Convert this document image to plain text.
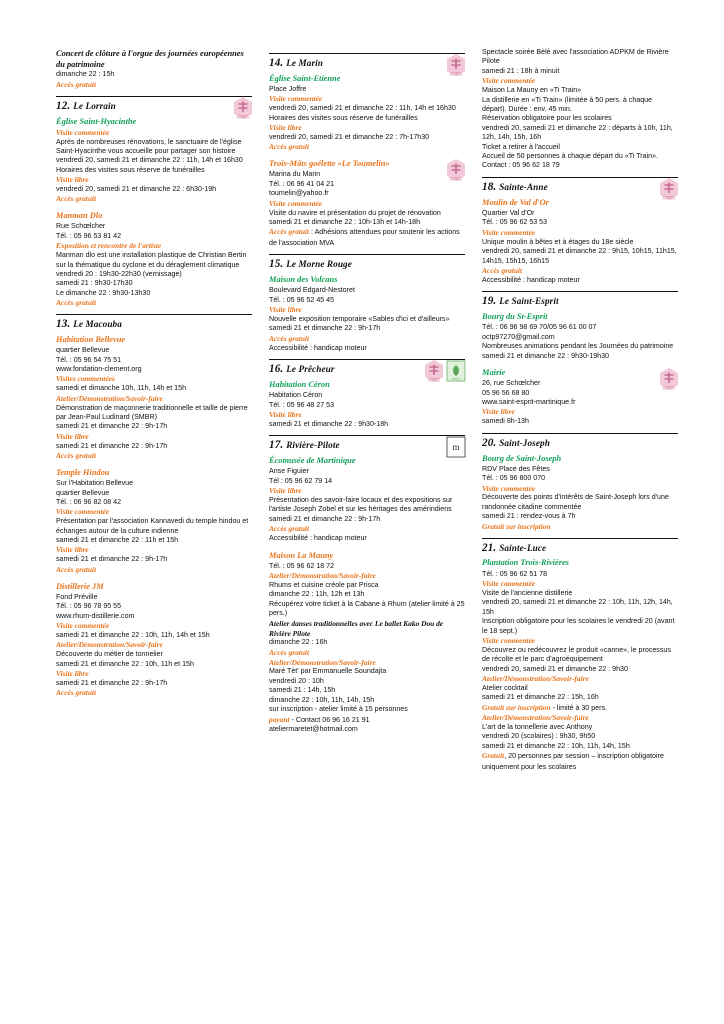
Concert de clôture à l'orgue des journées européennes du patrimoine

dimanche 22 : 15h

Accès gratuit

MONUMENT
HISTORIQUE
12. Le Lorrain

Église Saint-Hyacinthe

Visite commentée

Après de nombreuses rénovations, le sanctuaire de l'église Saint-Hyacinthe vous accueille pour partager son histoire

vendredi 20, samedi 21 et dimanche 22 : 11h, 14h et 16h30

Horaires des visites sous réserve de funérailles

Visite libre

vendredi 20, samedi 21 et dimanche 22 : 6h30-19h

Accès gratuit

Manman Dlo

Rue Schœlcher

Tél. : 05 96 53 81 42

Exposition et rencontre de l'artiste

Manman dlo est une installation plastique de Christian Bertin sur la thématique du cyclone et du déraglement climatique

vendredi 20 : 19h30-22h30 (vernissage)

samedi 21 : 9h30-17h30

Le dimanche 22 : 9h30-13h30

Accès gratuit

13. Le Macouba

Habitation Bellevue

quartier Bellevue

Tél. : 05 96 54 75 51

www.fondation-clement.org

Visites commentées

samedi et dimanche 10h, 11h, 14h et 15h

Atelier/Démonstration/Savoir-faire

Démonstration de maçonnerie traditionnelle et taille de pierre par Jean-Paul Ludinard (SMBR)

samedi 21 et dimanche 22 : 9h-17h

Visite libre

samedi 21 et dimanche 22 : 9h-17h

Accès gratuit

Temple Hindou

Sur l'Habitation Bellevue

quartier Bellevue

Tél. : 06 96 82 08 42

Visite commentée

Présentation par l'association Kannavedi du temple hindou et échanges autour de la culture indienne

samedi 21 et dimanche 22 : 11h et 15h

Visite libre

samedi 21 et dimanche 22 : 9h-17h

Accès gratuit

Distillerie JM

Fond Préville

Tél. : 05 96 78 95 55

www.rhum-distillerie.com

Visite commentée

samedi 21 et dimanche 22 : 10h, 11h, 14h et 15h

Atelier/Démonstration/Savoir-faire

Découverte du métier de tonnelier

samedi 21 et dimanche 22 : 10h, 11h et 15h

Visite libre

samedi 21 et dimanche 22 : 9h-17h

Accès gratuit

MONUMENT
HISTORIQUE
14. Le Marin

Église Saint-Etienne

Place Joffre

Visite commentée

vendredi 20, samedi 21 et dimanche 22 : 11h, 14h et 16h30

Horaires des visites sous réserve de funérailles

Visite libre

vendredi 20, samedi 21 et dimanche 22 : 7h-17h30

Accès gratuit

MONUMENT
HISTORIQUE

Trois-Mâts goélette «Le Toumelin»

Marina du Marin

Tél. : 06 96 41 04 21

toumelin@yahoo.fr

Visite commentée

Visite du navire et présentation du projet de rénovation

samedi 21 et dimanche 22 : 10h-13h et 14h-18h

Accès gratuit : Adhésions attendues pour soutenir les actions de l'association MVA

15. Le Morne Rouge

Maison des Volcans

Boulevard Edgard-Nestoret

Tél. : 05 96 52 45 45

Visite libre

Nouvelle exposition temporaire «Sables d'ici et d'ailleurs»

samedi 21 et dimanche 22 : 9h-17h

Accès gratuit

Accessibilité : handicap moteur

JARDIN
MONUMENT
HISTORIQUE
16. Le Prêcheur

Habitation Céron

Habitation Céron

Tél. : 05 96 48 27 53

Visite libre

samedi 21 et dimanche 22 : 9h30-18h

m
17. Rivière-Pilote

Écomusée de Martinique

Anse Figuier

Tél : 05 96 62 79 14

Visite libre

Présentation des savoir-faire locaux et des expositions sur l'artiste Joseph Zobel et sur les héritages des amérindiens

samedi 21 et dimanche 22 : 9h-17h

Accès gratuit

Accessibilité : handicap moteur

Maison La Mauny

Tél. : 05 96 62 18 72

Atelier/Démonstration/Savoir-faire

Rhums et cuisine créole par Prisca

dimanche 22 : 11h, 12h et 13h

Récupérez votre ticket à la Cabane à Rhum (atelier limité à 25 pers.)

Atelier danses traditionnelles avec Le ballet Kako Dou de Rivière Pilote

dimanche 22 : 16h

Accès gratuit

Atelier/Démonstration/Savoir-faire

Maré Tèt' par Emmanuelle Soundajta

vendredi 20 : 10h

samedi 21 : 14h, 15h

dimanche 22 : 10h, 11h, 14h, 15h

sur inscription - atelier limité à 15 personnes

payant - Contact 06 96 16 21 91

ateliermaretet@hotmail.com

Spectacle soirée Bèlè avec l'association ADPKM de Rivière Pilote

samedi 21 : 18h à minuit

Visite commentée

Maison La Mauny en «Ti Train»

La distillerie en «Ti Train» (limitée à 50 pers. à chaque départ). Durée : env. 45 min.

Réservation obligatoire pour les scolaires

vendredi 20, samedi 21 et dimanche 22 : départs à 10h, 11h, 12h, 14h, 15h, 16h

Ticket a retirer à l'accueil

Accueil de 50 personnes à chaque départ du «Ti Train». Contact : 05 96 62 18 79

MONUMENT
HISTORIQUE
18. Sainte-Anne

Moulin de Val d'Or

Quartier Val d'Or

Tél. : 05 96 62 53 53

Visite commentée

Unique moulin à bêtes et à étages du 18e siècle

vendredi 20, samedi 21 et dimanche 22 : 9h15, 10h15, 11h15, 14h15, 15h15, 16h15

Accès gratuit

Accessibilité : handicap moteur

19. Le Saint-Esprit

Bourg du St-Esprit

Tél. : 06 96 98 69 70/05 96 61 00 07

octp97270@gmail.com

Nombreuses animations pendant les Journées du patrimoine

samedi 21 et dimanche 22 : 9h30-19h30

MONUMENT
HISTORIQUE

Mairie

26, rue Schœlcher

05 96 56 68 80

www.saint-esprit-martinique.fr

Visite libre

samedi 8h-13h

20. Saint-Joseph

Bourg de Saint-Joseph

RDV Place des Fêtes

Tél. : 05 96 800 070

Visite commentée

Découverte des points d'intérêts de Saint-Joseph lors d'une randonnée citadine commentée

samedi 21 : rendez-vous à 7h

Gratuit sur inscription

21. Sainte-Luce

Plantation Trois-Rivières

Tél. : 05 96 62 51 78

Visite commentée

Visite de l'ancienne distillerie

vendredi 20, samedi 21 et dimanche 22 : 10h, 11h, 12h, 14h, 15h

Inscription obligatoire pour les scolaires le vendredi 20 (avant le 18 sept.)

Visite commentée

Découvrez ou redécouvrez le produit «canne», le processus de récolte et le parc d'agroéquipement

vendredi 20, samedi 21 et dimanche 22 : 9h30

Atelier/Démonstration/Savoir-faire

Atelier cocktail

samedi 21 et dimanche 22 : 15h, 16h

Gratuit sur inscription - limité à 30 pers.

Atelier/Démonstration/Savoir-faire

L'art de la tonnellerie avec Anthony

vendredi 20 (scolaires) : 9h30, 9h50

samedi 21 et dimanche 22 : 10h, 11h, 14h, 15h

Gratuit, 20 personnes par session – inscription obligatoire uniquement pour les scolaires
